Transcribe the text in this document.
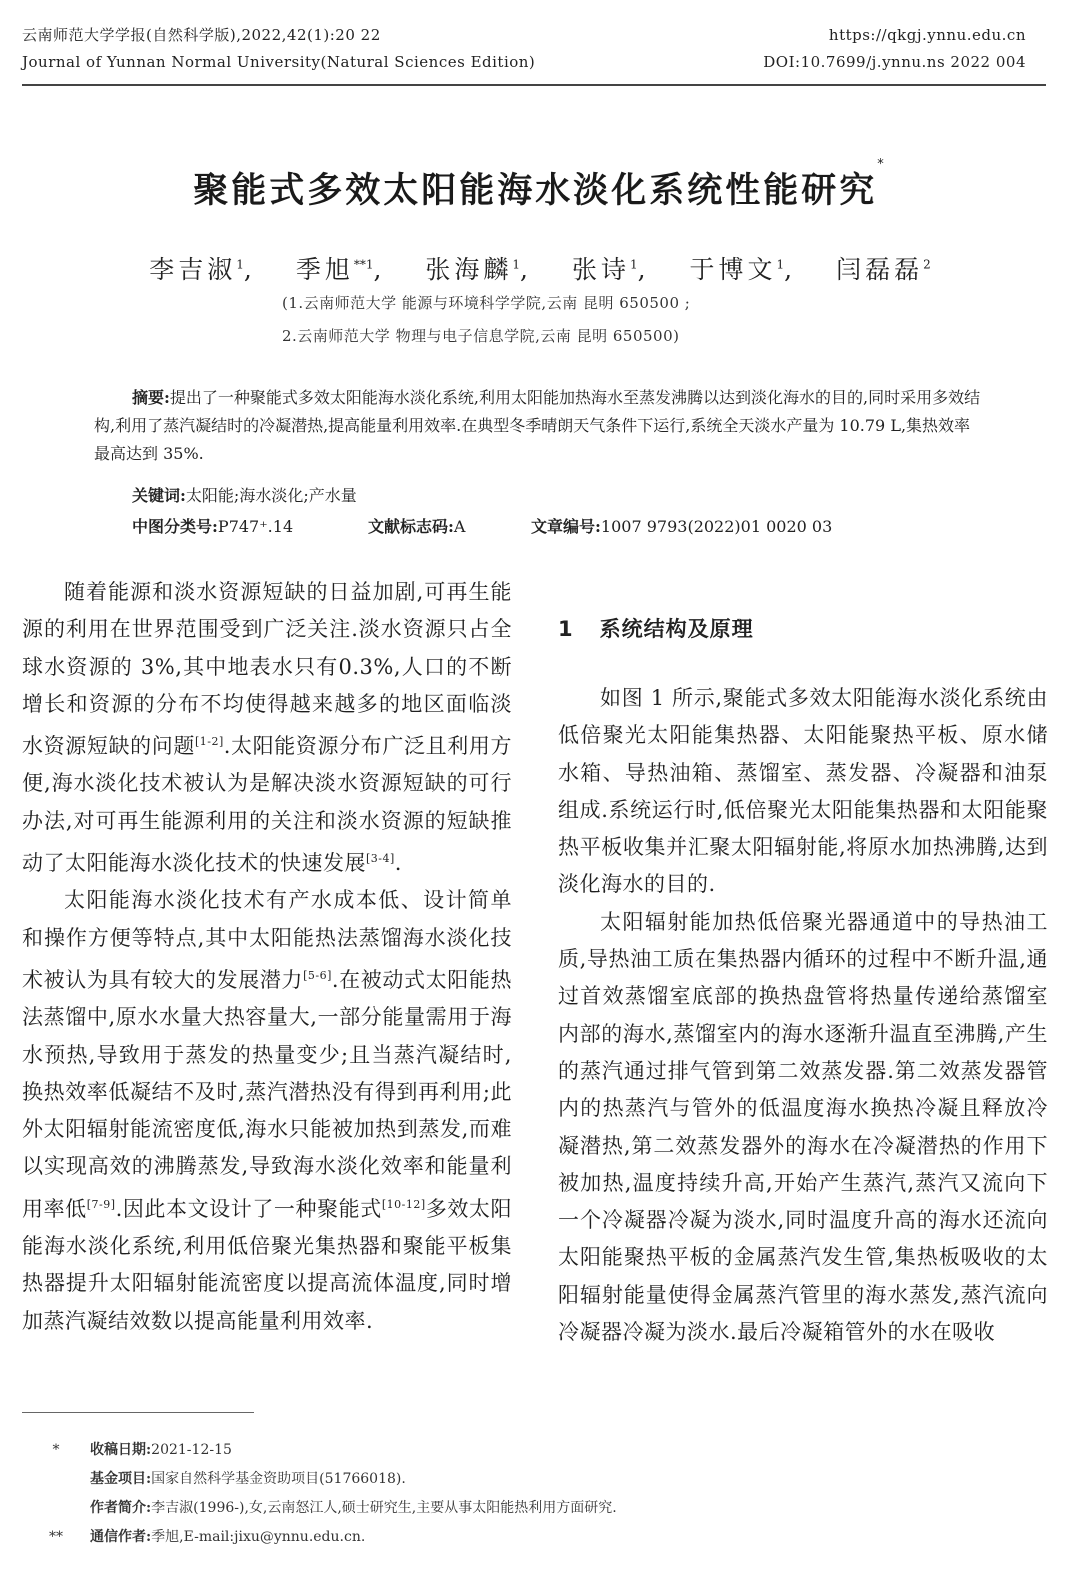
云南师范大学学报(自然科学版),2022,42(1):20 22
Journal of Yunnan Normal University(Natural Sciences Edition)
https://qkgj.ynnu.edu.cn
DOI:10.7699/j.ynnu.ns 2022 004
聚能式多效太阳能海水淡化系统性能研究*
李吉淑$^1$, 季旭$^{**1}$, 张海麟$^1$, 张诗$^1$, 于博文$^1$, 闫磊磊$^2$
(1.云南师范大学 能源与环境科学学院,云南 昆明 650500 ;
2.云南师范大学 物理与电子信息学院,云南 昆明 650500)

摘要:提出了一种聚能式多效太阳能海水淡化系统,利用太阳能加热海水至蒸发沸腾以达到淡化海水的目的,同时采用多效结构,利用了蒸汽凝结时的冷凝潜热,提高能量利用效率.在典型冬季晴朗天气条件下运行,系统全天淡水产量为 10.79 L,集热效率最高达到 35%.

关键词:太阳能;海水淡化;产水量
中图分类号:P747⁺.14	文献标志码:A	文章编号:1007 9793(2022)01 0020 03

随着能源和淡水资源短缺的日益加剧,可再生能源的利用在世界范围受到广泛关注.淡水资源只占全球水资源的 3%,其中地表水只有0.3%,人口的不断增长和资源的分布不均使得越来越多的地区面临淡水资源短缺的问题[1-2].太阳能资源分布广泛且利用方便,海水淡化技术被认为是解决淡水资源短缺的可行办法,对可再生能源利用的关注和淡水资源的短缺推动了太阳能海水淡化技术的快速发展[3-4].

太阳能海水淡化技术有产水成本低、设计简单和操作方便等特点,其中太阳能热法蒸馏海水淡化技术被认为具有较大的发展潜力[5-6].在被动式太阳能热法蒸馏中,原水水量大热容量大,一部分能量需用于海水预热,导致用于蒸发的热量变少;且当蒸汽凝结时,换热效率低凝结不及时,蒸汽潜热没有得到再利用;此外太阳辐射能流密度低,海水只能被加热到蒸发,而难以实现高效的沸腾蒸发,导致海水淡化效率和能量利用率低[7-9].因此本文设计了一种聚能式[10-12]多效太阳能海水淡化系统,利用低倍聚光集热器和聚能平板集热器提升太阳辐射能流密度以提高流体温度,同时增加蒸汽凝结效数以提高能量利用效率.

1 系统结构及原理

如图 1 所示,聚能式多效太阳能海水淡化系统由低倍聚光太阳能集热器、太阳能聚热平板、原水储水箱、导热油箱、蒸馏室、蒸发器、冷凝器和油泵组成.系统运行时,低倍聚光太阳能集热器和太阳能聚热平板收集并汇聚太阳辐射能,将原水加热沸腾,达到淡化海水的目的.

太阳辐射能加热低倍聚光器通道中的导热油工质,导热油工质在集热器内循环的过程中不断升温,通过首效蒸馏室底部的换热盘管将热量传递给蒸馏室内部的海水,蒸馏室内的海水逐渐升温直至沸腾,产生的蒸汽通过排气管到第二效蒸发器.第二效蒸发器管内的热蒸汽与管外的低温度海水换热冷凝且释放冷凝潜热,第二效蒸发器外的海水在冷凝潜热的作用下被加热,温度持续升高,开始产生蒸汽,蒸汽又流向下一个冷凝器冷凝为淡水,同时温度升高的海水还流向太阳能聚热平板的金属蒸汽发生管,集热板吸收的太阳辐射能量使得金属蒸汽管里的海水蒸发,蒸汽流向冷凝器冷凝为淡水.最后冷凝箱管外的水在吸收

* 收稿日期:2021-12-15
基金项目:国家自然科学基金资助项目(51766018).
作者简介:李吉淑(1996-),女,云南怒江人,硕士研究生,主要从事太阳能热利用方面研究.
** 通信作者:季旭,E-mail:jixu@ynnu.edu.cn.
